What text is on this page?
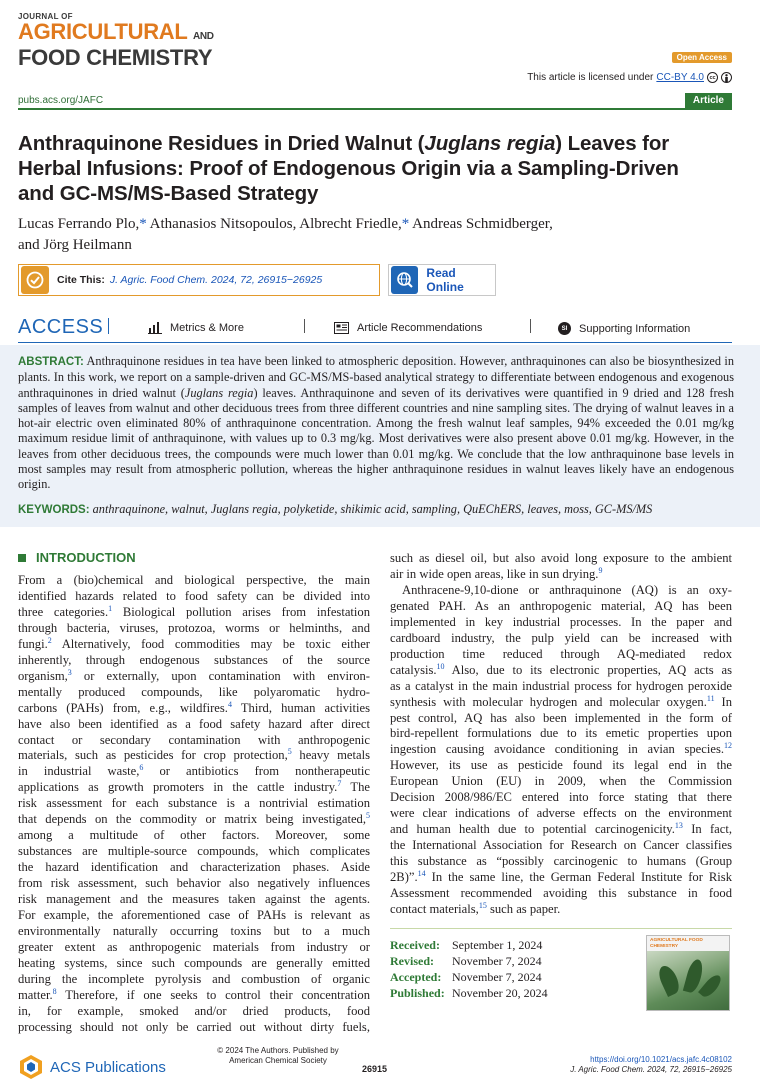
JOURNAL OF
AGRICULTURAL AND
FOOD CHEMISTRY	Open Access
This article is licensed under CC-BY 4.0 cc
pubs.acs.org/JAFC	Article
Anthraquinone Residues in Dried Walnut (Juglans regia) Leaves for
Herbal Infusions: Proof of Endogenous Origin via a Sampling-Driven
and GC-MS/MS-Based Strategy
Lucas Ferrando Plo,* Athanasios Nitsopoulos, Albrecht Friedle,* Andreas Schmidberger,
and Jörg Heilmann
Cite This: J. Agric. Food Chem. 2024, 72, 26915−26925	Read Online
ACCESS	Metrics & More	Article Recommendations	SI	Supporting Information
ABSTRACT: Anthraquinone residues in tea have been linked to atmospheric deposition. However, anthraquinones can also be biosynthesized in plants. In this work, we report on a sample-driven and GC-MS/MS-based analytical strategy to differentiate between endogenous and exogenous anthraquinones in dried walnut (Juglans regia) leaves. Anthraquinone and seven of its derivatives were quantified in 9 dried and 128 fresh samples of leaves from walnut and other deciduous trees from three different countries and nine sampling sites. The drying of walnut leaves in a hot-air electric oven eliminated 80% of anthraquinone concentration. Among the fresh walnut leaf samples, 94% exceeded the 0.01 mg/kg maximum residue limit of anthraquinone, with values up to 0.3 mg/kg. Most derivatives were also present above 0.01 mg/kg. However, in the leaves from other deciduous trees, the compounds were much lower than 0.01 mg/kg. We conclude that the low anthraquinone base levels in most samples may result from atmospheric pollution, whereas the higher anthraquinone residues in walnut leaves likely have an endogenous origin.
KEYWORDS: anthraquinone, walnut, Juglans regia, polyketide, shikimic acid, sampling, QuEChERS, leaves, moss, GC-MS/MS
INTRODUCTION
From a (bio)chemical and biological perspective, the main
identified hazards related to food safety can be divided into
three categories.$^1$ Biological pollution arises from infestation
through bacteria, viruses, protozoa, worms or helminths, and
fungi.$^2$ Alternatively, food commodities may be toxic either
inherently, through endogenous substances of the source
organism,$^3$ or externally, upon contamination with environ-
mentally produced compounds, like polyaromatic hydro-
carbons (PAHs) from, e.g., wildfires.$^4$ Third, human activities
have also been identified as a food safety hazard after direct
contact or secondary contamination with anthropogenic
materials, such as pesticides for crop protection,$^5$ heavy metals
in industrial waste,$^6$ or antibiotics from nontherapeutic
applications as growth promoters in the cattle industry.$^7$ The
risk assessment for each substance is a nontrivial estimation
that depends on the commodity or matrix being investigated,$^5$
among a multitude of other factors. Moreover, some
substances are multiple-source compounds, which complicates
the hazard identification and characterization phases. Aside
from risk assessment, such behavior also negatively influences
risk management and the measures taken against the agents.
For example, the aforementioned case of PAHs is relevant as
environmentally naturally occurring toxins but to a much
greater extent as anthropogenic materials from industry or
heating systems, since such compounds are generally emitted
during the incomplete pyrolysis and combustion of organic
matter.$^8$ Therefore, if one seeks to control their concentration
in, for example, smoked and/or dried products, food
processing should not only be carried out without dirty fuels,
such as diesel oil, but also avoid long exposure to the ambient
air in wide open areas, like in sun drying.$^9$
Anthracene-9,10-dione or anthraquinone (AQ) is an oxy-
genated PAH. As an anthropogenic material, AQ has been
implemented in key industrial processes. In the paper and
cardboard industry, the pulp yield can be increased with
production time reduced through AQ-mediated redox
catalysis.$^{10}$ Also, due to its electronic properties, AQ acts as
as a catalyst in the main industrial process for hydrogen peroxide
synthesis with molecular hydrogen and molecular oxygen.$^{11}$ In
pest control, AQ has also been implemented in the form of
bird-repellent formulations due to its emetic properties upon
ingestion causing avoidance conditioning in avian species.$^{12}$
However, its use as pesticide found its legal end in the
European Union (EU) in 2009, when the Commission
Decision 2008/986/EC entered into force stating that there
were clear indications of adverse effects on the environment
and human health due to potential carcinogenicity.$^{13}$ In fact,
the International Association for Research on Cancer classifies
this substance as “possibly carcinogenic to humans (Group
2B)”.$^{14}$ In the same line, the German Federal Institute for Risk
Assessment recommended avoiding this substance in food
contact materials,$^{15}$ such as paper.
Received:	September 1, 2024
Revised:	November 7, 2024
Accepted: November 7, 2024
Published: November 20, 2024
AGRICULTURAL FOOD CHEMISTRY
ACS Publications
© 2024 The Authors. Published by
American Chemical Society
26915
https://doi.org/10.1021/acs.jafc.4c08102
J. Agric. Food Chem. 2024, 72, 26915−26925
